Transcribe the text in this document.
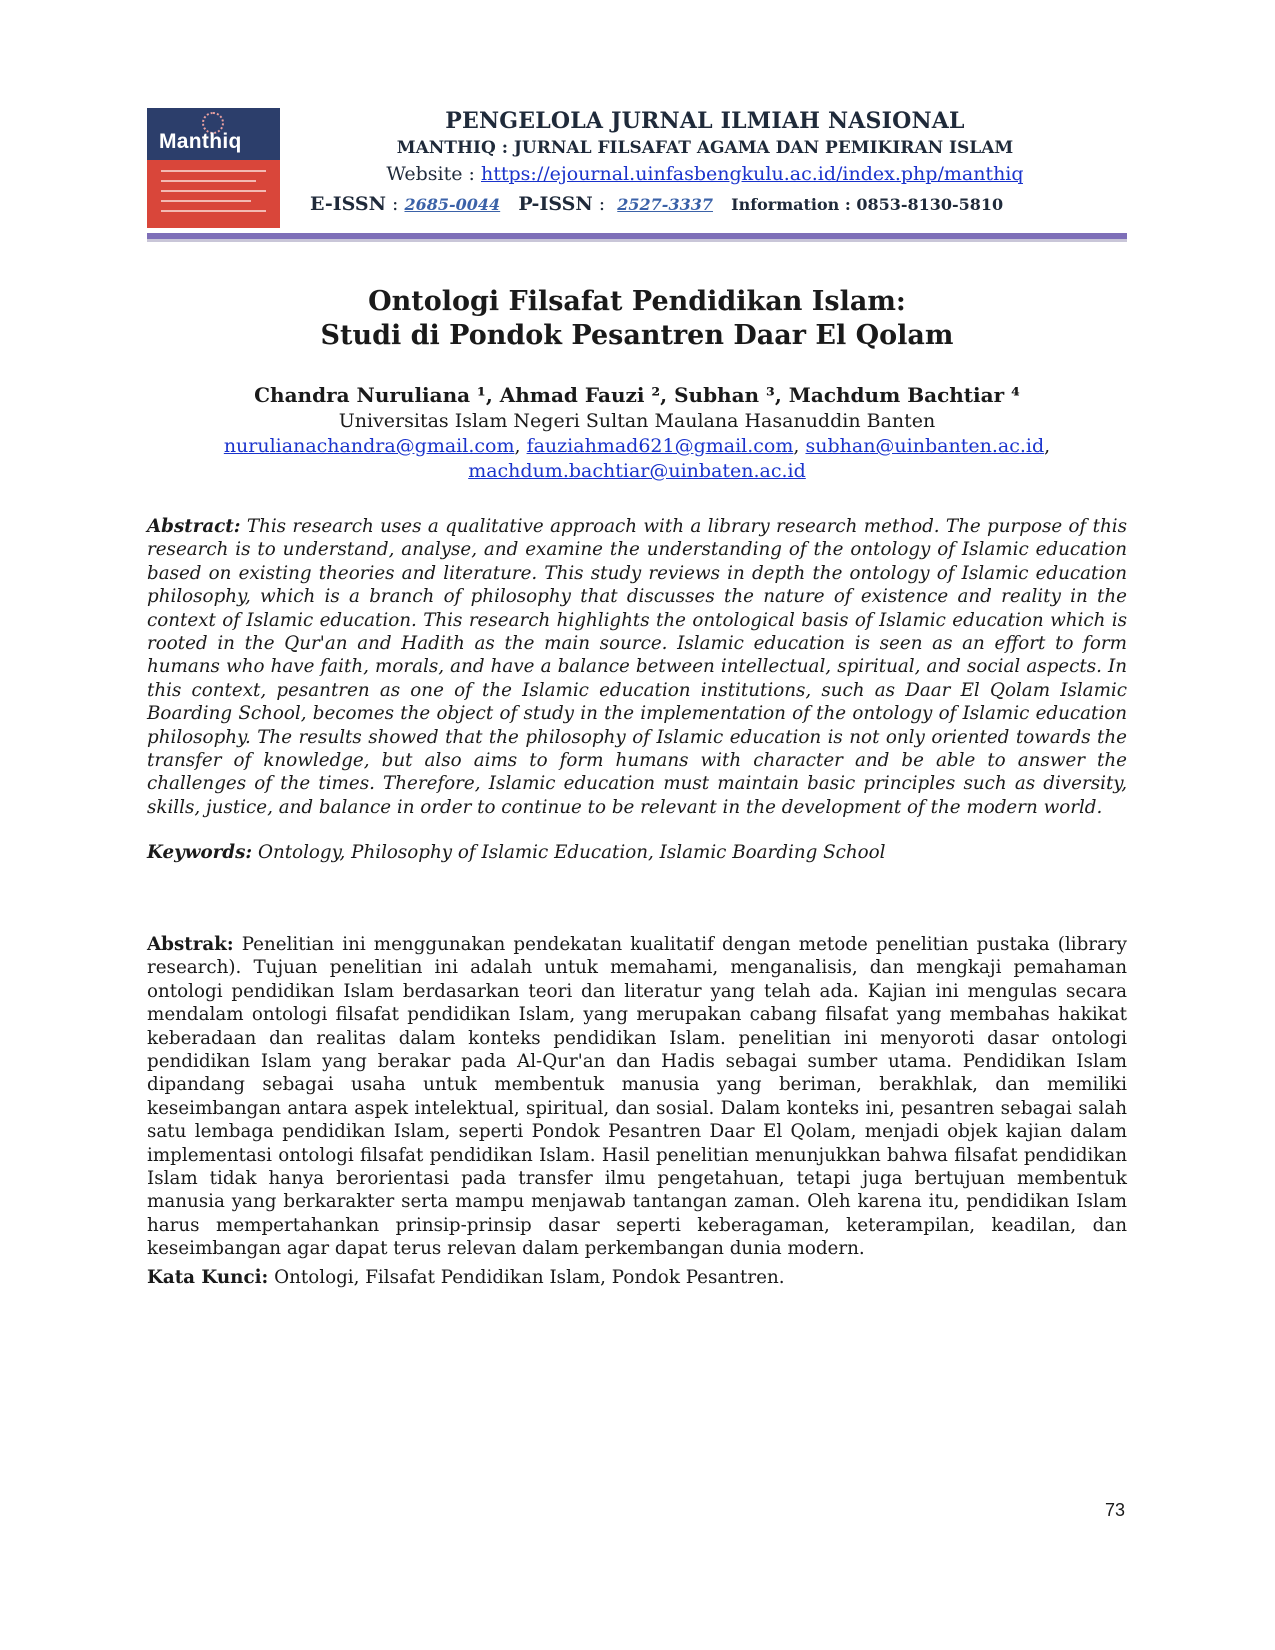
Manthiq
PENGELOLA JURNAL ILMIAH NASIONAL
MANTHIQ : JURNAL FILSAFAT AGAMA DAN PEMIKIRAN ISLAM
Website : https://ejournal.uinfasbengkulu.ac.id/index.php/manthiq
E-ISSN : 2685-0044 P-ISSN :  2527-3337 Information : 0853-8130-5810
Ontologi Filsafat Pendidikan Islam:
Studi di Pondok Pesantren Daar El Qolam
Chandra Nuruliana ¹, Ahmad Fauzi ², Subhan ³, Machdum Bachtiar ⁴
Universitas Islam Negeri Sultan Maulana Hasanuddin Banten
nurulianachandra@gmail.com, fauziahmad621@gmail.com, subhan@uinbanten.ac.id,
machdum.bachtiar@uinbaten.ac.id
Abstract: This research uses a qualitative approach with a library research method. The purpose of this research is to understand, analyse, and examine the understanding of the ontology of Islamic education based on existing theories and literature. This study reviews in depth the ontology of Islamic education philosophy, which is a branch of philosophy that discusses the nature of existence and reality in the context of Islamic education. This research highlights the ontological basis of Islamic education which is rooted in the Qur'an and Hadith as the main source. Islamic education is seen as an effort to form humans who have faith, morals, and have a balance between intellectual, spiritual, and social aspects. In this context, pesantren as one of the Islamic education institutions, such as Daar El Qolam Islamic Boarding School, becomes the object of study in the implementation of the ontology of Islamic education philosophy. The results showed that the philosophy of Islamic education is not only oriented towards the transfer of knowledge, but also aims to form humans with character and be able to answer the challenges of the times. Therefore, Islamic education must maintain basic principles such as diversity, skills, justice, and balance in order to continue to be relevant in the development of the modern world.
Keywords: Ontology, Philosophy of Islamic Education, Islamic Boarding School
Abstrak: Penelitian ini menggunakan pendekatan kualitatif dengan metode penelitian pustaka (library research). Tujuan penelitian ini adalah untuk memahami, menganalisis, dan mengkaji pemahaman ontologi pendidikan Islam berdasarkan teori dan literatur yang telah ada. Kajian ini mengulas secara mendalam ontologi filsafat pendidikan Islam, yang merupakan cabang filsafat yang membahas hakikat keberadaan dan realitas dalam konteks pendidikan Islam. penelitian ini menyoroti dasar ontologi pendidikan Islam yang berakar pada Al-Qur'an dan Hadis sebagai sumber utama. Pendidikan Islam dipandang sebagai usaha untuk membentuk manusia yang beriman, berakhlak, dan memiliki keseimbangan antara aspek intelektual, spiritual, dan sosial. Dalam konteks ini, pesantren sebagai salah satu lembaga pendidikan Islam, seperti Pondok Pesantren Daar El Qolam, menjadi objek kajian dalam implementasi ontologi filsafat pendidikan Islam. Hasil penelitian menunjukkan bahwa filsafat pendidikan Islam tidak hanya berorientasi pada transfer ilmu pengetahuan, tetapi juga bertujuan membentuk manusia yang berkarakter serta mampu menjawab tantangan zaman. Oleh karena itu, pendidikan Islam harus mempertahankan prinsip-prinsip dasar seperti keberagaman, keterampilan, keadilan, dan keseimbangan agar dapat terus relevan dalam perkembangan dunia modern.
Kata Kunci: Ontologi, Filsafat Pendidikan Islam, Pondok Pesantren.
73
